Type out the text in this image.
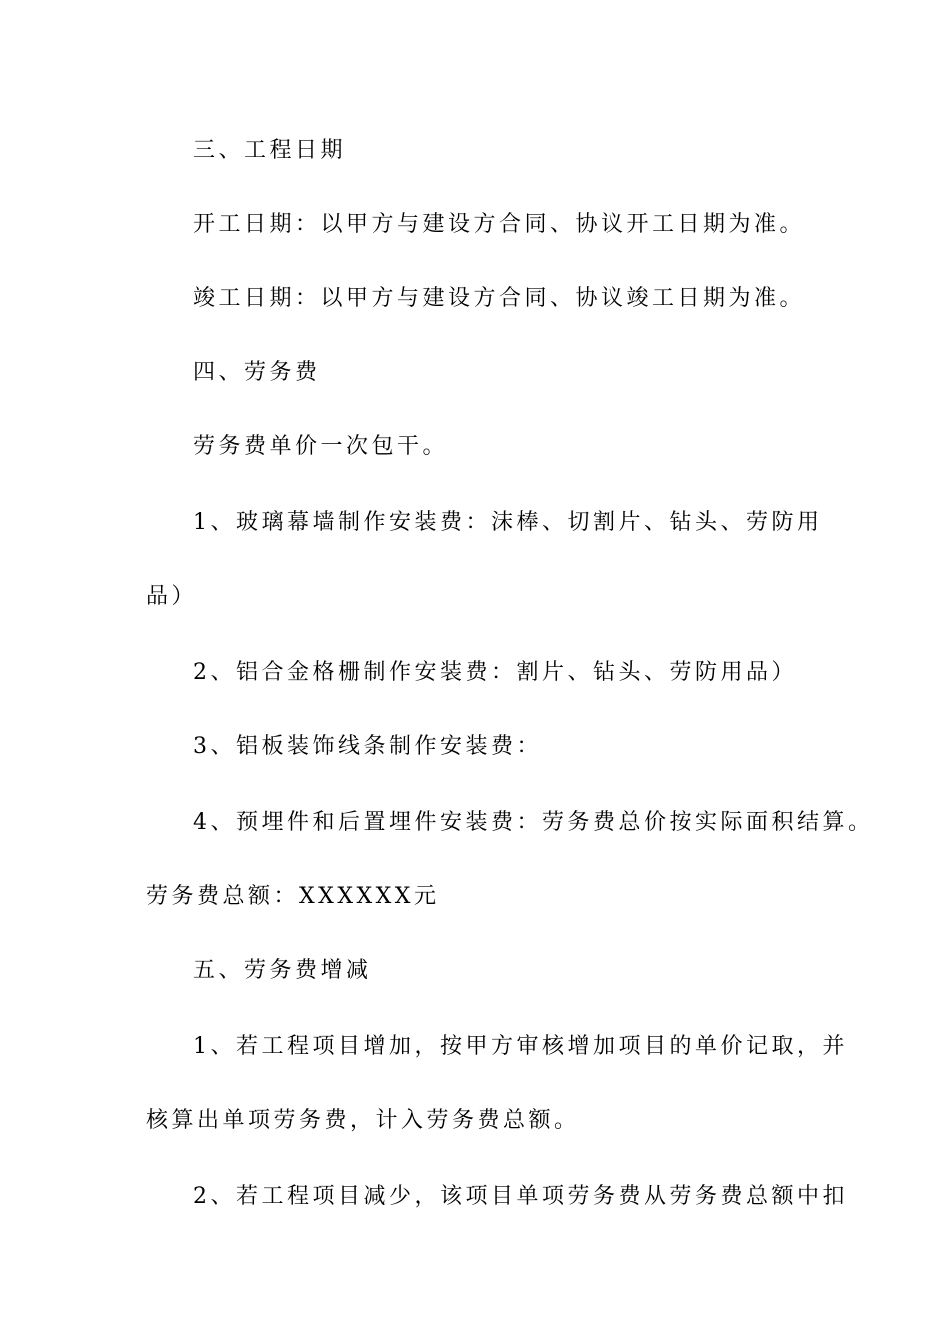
三、工程日期
开工日期：以甲方与建设方合同、协议开工日期为准。
竣工日期：以甲方与建设方合同、协议竣工日期为准。
四、劳务费
劳务费单价一次包干。
1、玻璃幕墙制作安装费：沫棒、切割片、钻头、劳防用
品）
2、铝合金格栅制作安装费：割片、钻头、劳防用品）
3、铝板装饰线条制作安装费：
4、预埋件和后置埋件安装费：劳务费总价按实际面积结算。
劳务费总额：XXXXXX元
五、劳务费增减
1、若工程项目增加，按甲方审核增加项目的单价记取，并
核算出单项劳务费，计入劳务费总额。
2、若工程项目减少，该项目单项劳务费从劳务费总额中扣
